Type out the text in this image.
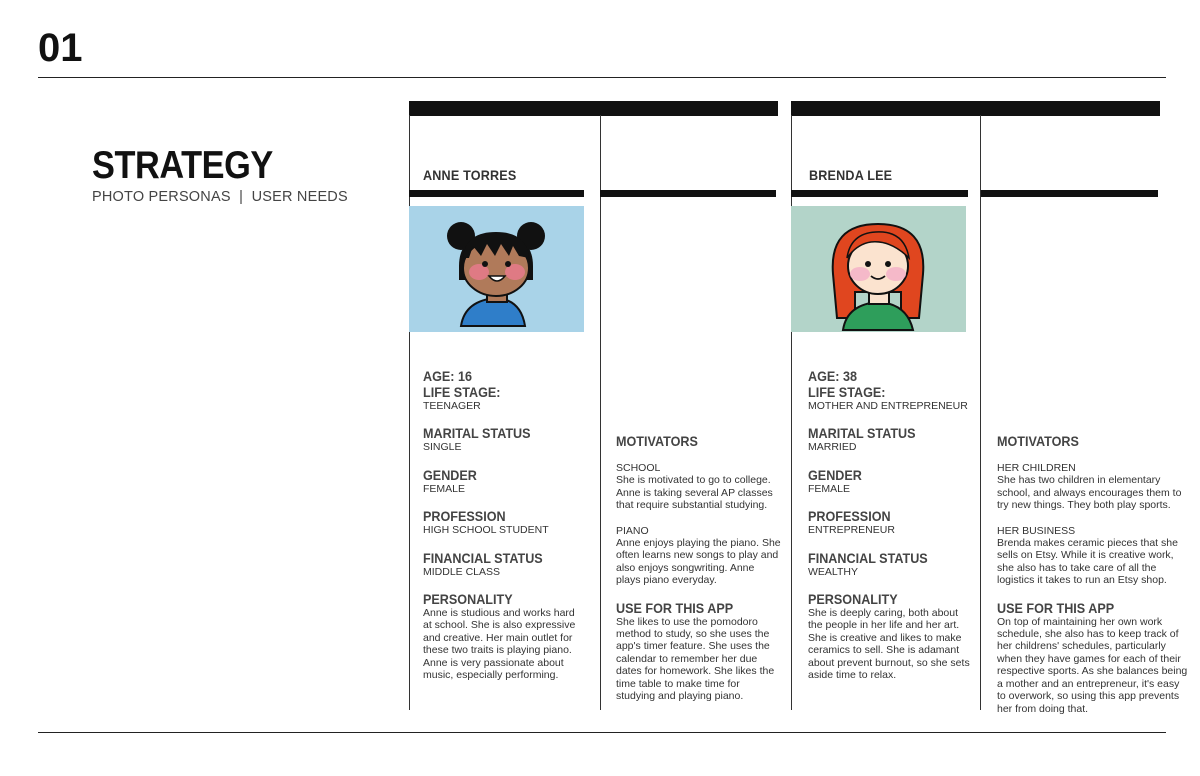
01
STRATEGY
PHOTO PERSONAS  |  USER NEEDS
ANNE TORRES
AGE: 16
LIFE STAGE:
TEENAGER
MARITAL STATUS
SINGLE
GENDER
FEMALE
PROFESSION
HIGH SCHOOL STUDENT
FINANCIAL STATUS
MIDDLE CLASS
PERSONALITY
Anne is studious and works hard at school. She is also expressive and creative. Her main outlet for these two traits is playing piano. Anne is very passionate about music, especially performing.
MOTIVATORS
SCHOOL
She is motivated to go to college. Anne is taking several AP classes that require substantial studying.
PIANO
Anne enjoys playing the piano. She often learns new songs to play and also enjoys songwriting. Anne plays piano everyday.
USE FOR THIS APP
She likes to use the pomodoro method to study, so she uses the app's timer feature. She uses the calendar to remember her due dates for homework. She likes the time table to make time for studying and playing piano.
BRENDA LEE
AGE: 38
LIFE STAGE:
MOTHER AND ENTREPRENEUR
MARITAL STATUS
MARRIED
GENDER
FEMALE
PROFESSION
ENTREPRENEUR
FINANCIAL STATUS
WEALTHY
PERSONALITY
She is deeply caring, both about the people in her life and her art. She is creative and likes to make ceramics to sell. She is adamant about prevent burnout, so she sets aside time to relax.
MOTIVATORS
HER CHILDREN
She has two children in elementary school, and always encourages them to try new things. They both play sports.
HER BUSINESS
Brenda makes ceramic pieces that she sells on Etsy. While it is creative work, she also has to take care of all the logistics it takes to run an Etsy shop.
USE FOR THIS APP
On top of maintaining her own work schedule, she also has to keep track of her childrens' schedules, particularly when they have games for each of their respective sports. As she balances being a mother and an entrepreneur, it's easy to overwork, so using this app prevents her from doing that.
